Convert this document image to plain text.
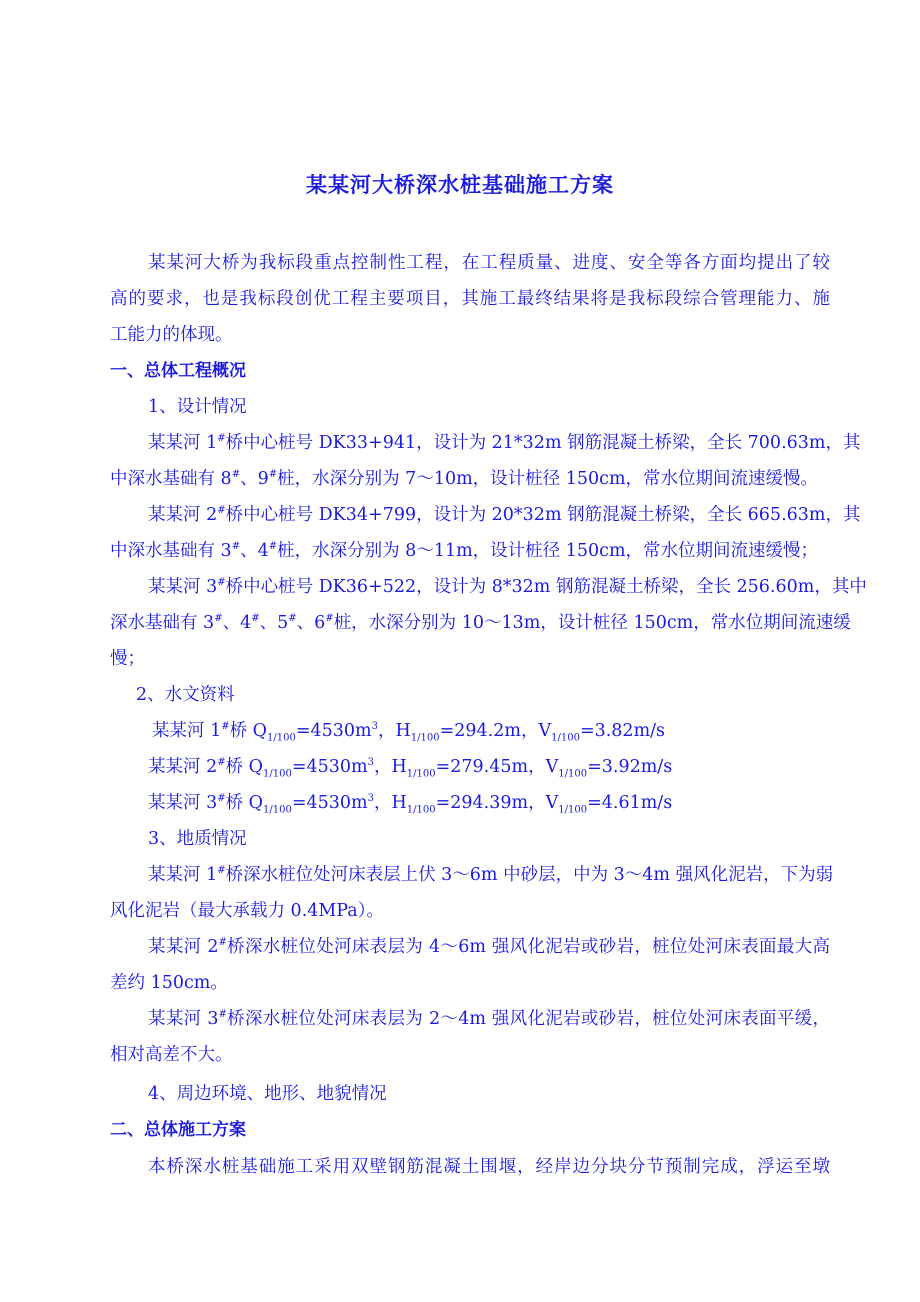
某某河大桥深水桩基础施工方案
某某河大桥为我标段重点控制性工程，在工程质量、进度、安全等各方面均提出了较
高的要求，也是我标段创优工程主要项目，其施工最终结果将是我标段综合管理能力、施
工能力的体现。
一、总体工程概况
1、设计情况
某某河 1#桥中心桩号 DK33+941，设计为 21*32m 钢筋混凝土桥梁，全长 700.63m，其
中深水基础有 8#、9#桩，水深分别为 7～10m，设计桩径 150cm，常水位期间流速缓慢。
某某河 2#桥中心桩号 DK34+799，设计为 20*32m 钢筋混凝土桥梁，全长 665.63m，其
中深水基础有 3#、4#桩，水深分别为 8～11m，设计桩径 150cm，常水位期间流速缓慢；
某某河 3#桥中心桩号 DK36+522，设计为 8*32m 钢筋混凝土桥梁，全长 256.60m，其中
深水基础有 3#、4#、5#、6#桩，水深分别为 10～13m，设计桩径 150cm，常水位期间流速缓
慢；
2、水文资料
某某河 1#桥 $Q_{1/100}=4530m^3$，$H_{1/100}=294.2m$，$V_{1/100}=3.82m/s$
某某河 2#桥 $Q_{1/100}=4530m^3$，$H_{1/100}=279.45m$，$V_{1/100}=3.92m/s$
某某河 3#桥 $Q_{1/100}=4530m^3$，$H_{1/100}=294.39m$，$V_{1/100}=4.61m/s$
3、地质情况
某某河 1#桥深水桩位处河床表层上伏 3～6m 中砂层，中为 3～4m 强风化泥岩，下为弱
风化泥岩（最大承载力 0.4MPa）。
某某河 2#桥深水桩位处河床表层为 4～6m 强风化泥岩或砂岩，桩位处河床表面最大高
差约 150cm。
某某河 3#桥深水桩位处河床表层为 2～4m 强风化泥岩或砂岩，桩位处河床表面平缓，
相对高差不大。
4、周边环境、地形、地貌情况
二、总体施工方案
本桥深水桩基础施工采用双壁钢筋混凝土围堰，经岸边分块分节预制完成，浮运至墩
